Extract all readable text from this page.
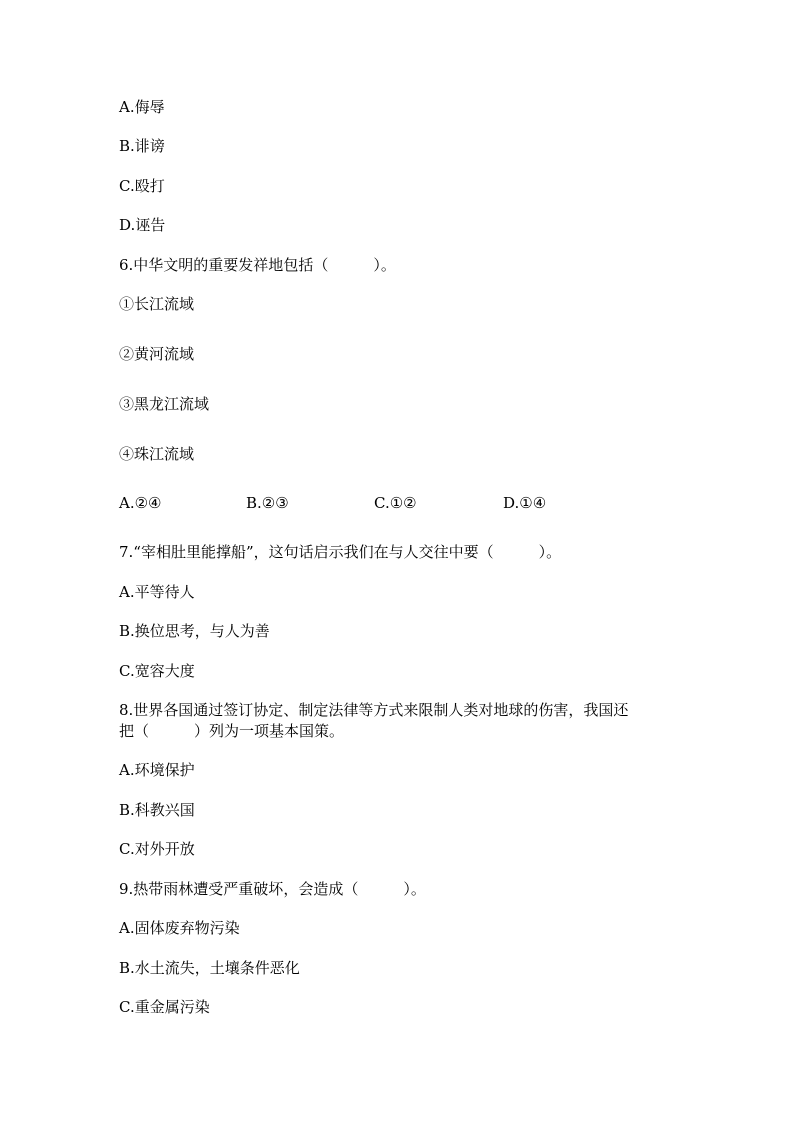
A.侮辱
B.诽谤
C.殴打
D.诬告
6.中华文明的重要发祥地包括（　　　）。
①长江流域
②黄河流域
③黑龙江流域
④珠江流域
A.②④	B.②③	C.①②	D.①④
7.“宰相肚里能撑船”，这句话启示我们在与人交往中要（　　　）。
A.平等待人
B.换位思考，与人为善
C.宽容大度
8.世界各国通过签订协定、制定法律等方式来限制人类对地球的伤害，我国还
把（　　　）列为一项基本国策。
A.环境保护
B.科教兴国
C.对外开放
9.热带雨林遭受严重破坏，会造成（　　　）。
A.固体废弃物污染
B.水土流失，土壤条件恶化
C.重金属污染
